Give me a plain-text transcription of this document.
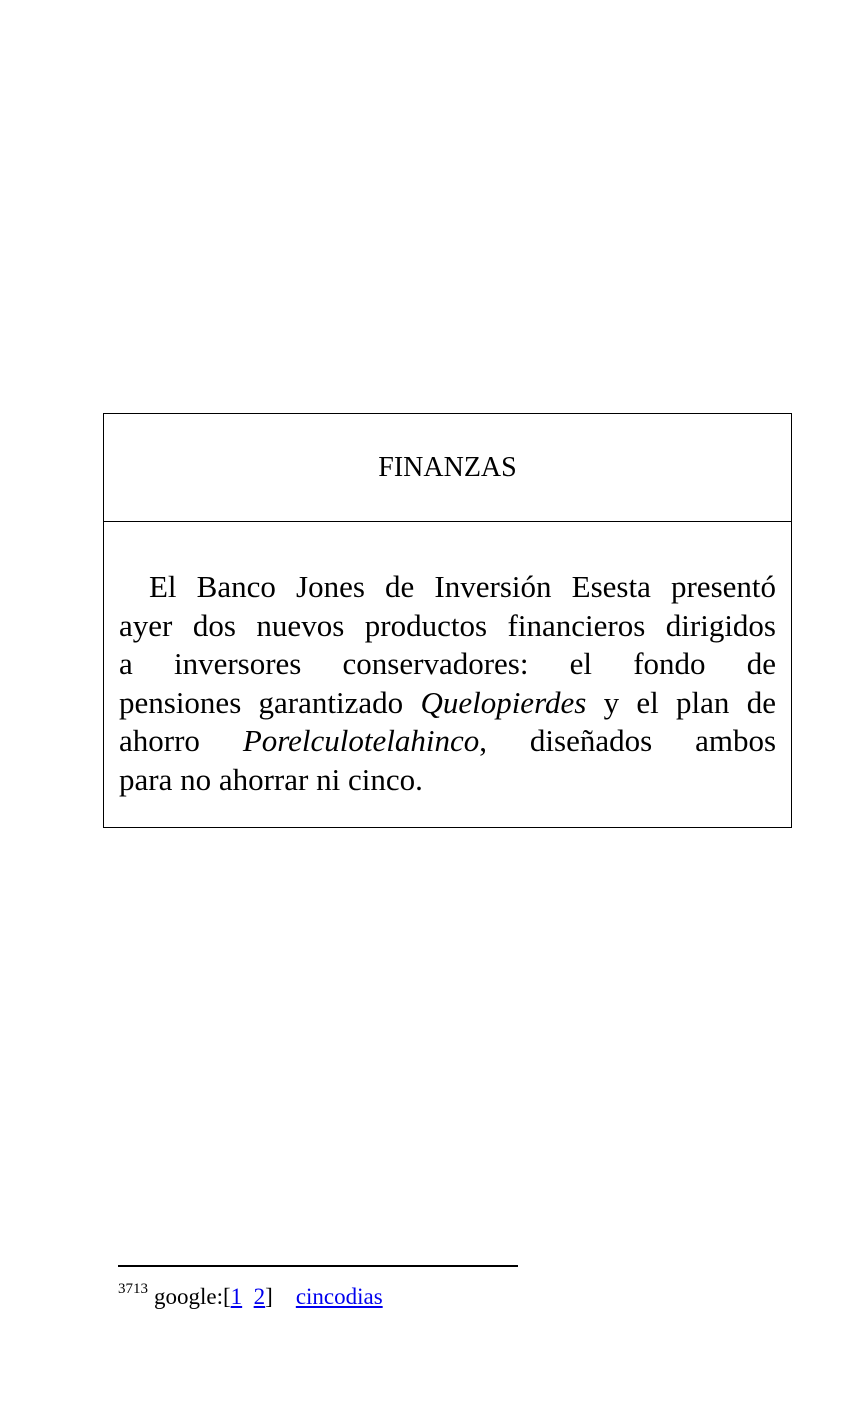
FINANZAS
El Banco Jones de Inversión Esesta presentó
ayer dos nuevos productos financieros dirigidos
a inversores conservadores: el fondo de
pensiones garantizado Quelopierdes y el plan de
ahorro Porelculotelahinco, diseñados ambos
para no ahorrar ni cinco.
$^{3713}$ google:[1 2] cincodias
